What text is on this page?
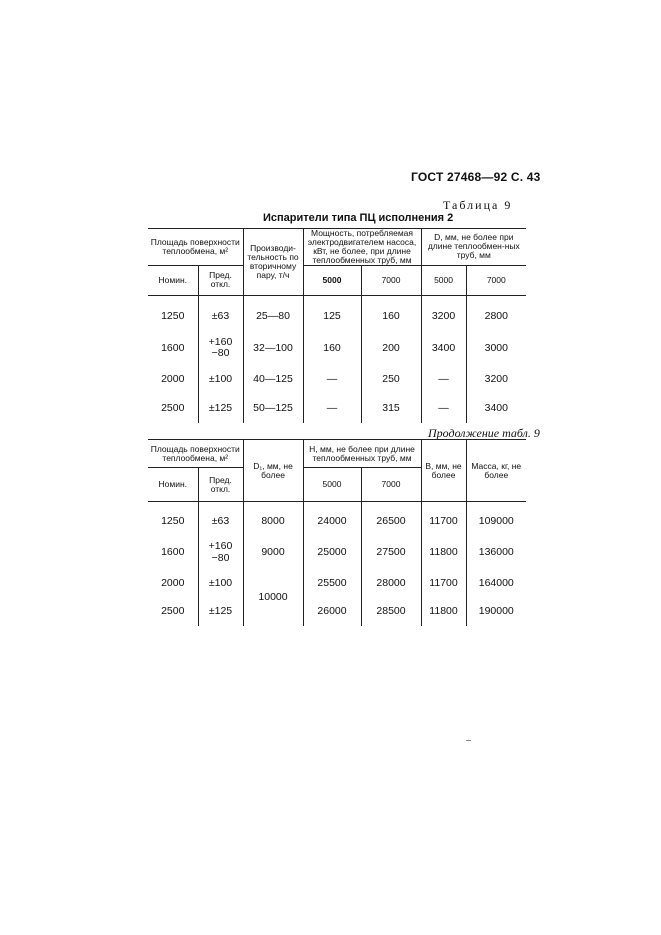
ГОСТ 27468—92 С. 43
Таблица 9
Испарители типа ПЦ исполнения 2
Площадь поверхности теплообмена, м²		Производи-тельность по вторичному пару, т/ч	Мощность, потребляемая электродвигателем насоса, кВт, не более, при длине теплообменных труб, мм		D, мм, не более при длине теплообмен-ных труб, мм	
Номин.	Пред. откл.		5000	7000	5000	7000
1250	±63	25—80	125	160	3200	2800
1600	+160
−80	32—100	160	200	3400	3000
2000	±100	40—125	—	250	—	3200
2500	±125	50—125	—	315	—	3400
Продолжение табл. 9
Площадь поверхности теплообмена, м²		D₁, мм, не более	H, мм, не более при длине теплообменных труб, мм		B, мм, не более	Масса, кг, не более
Номин.	Пред. откл.		5000	7000		
1250	±63	8000	24000	26500	11700	109000
1600	+160
−80	9000	25000	27500	11800	136000
2000	±100	10000	25500	28000	11700	164000
2500	±125		26000	28500	11800	190000
